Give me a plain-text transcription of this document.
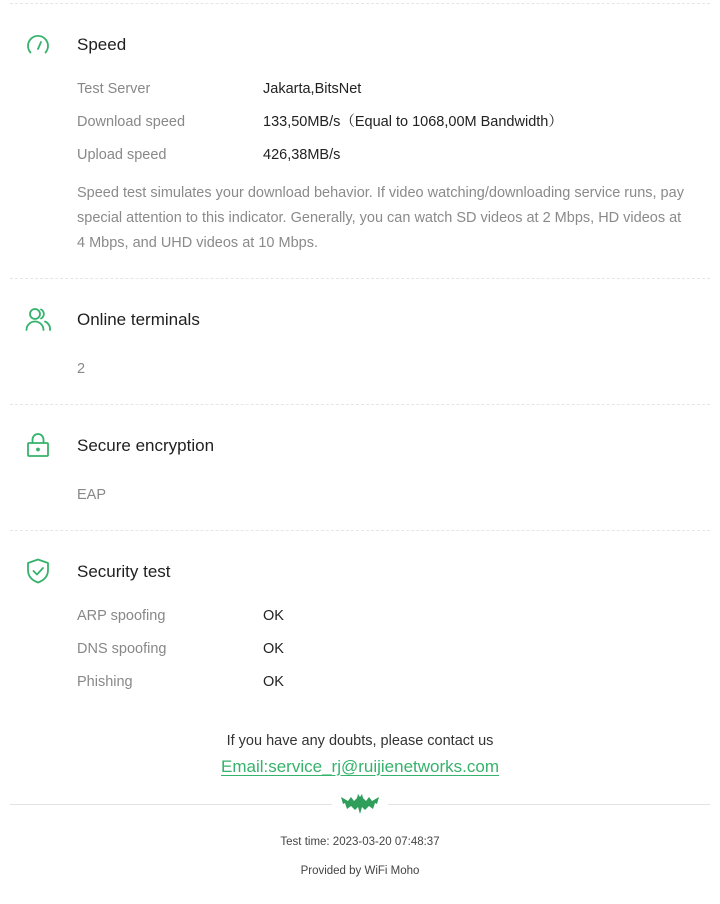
Speed
Test Server	Jakarta,BitsNet
Download speed	133,50MB/s（Equal to 1068,00M Bandwidth）
Upload speed	426,38MB/s
Speed test simulates your download behavior. If video watching/downloading service runs, pay special attention to this indicator. Generally, you can watch SD videos at 2 Mbps, HD videos at 4 Mbps, and UHD videos at 10 Mbps.
Online terminals
2
Secure encryption
EAP
Security test
ARP spoofing	OK
DNS spoofing	OK
Phishing	OK
If you have any doubts, please contact us
Email:service_rj@ruijienetworks.com
Test time: 2023-03-20 07:48:37
Provided by WiFi Moho
